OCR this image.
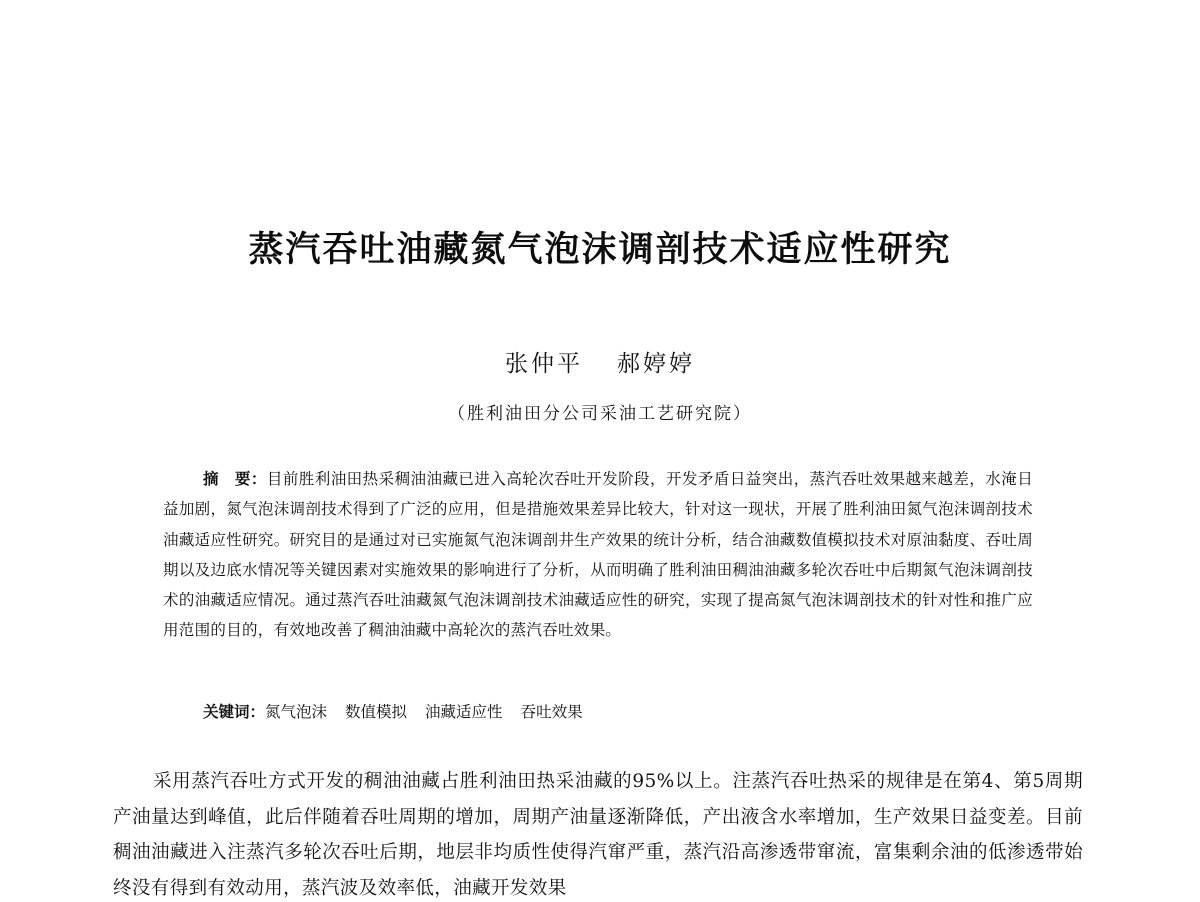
蒸汽吞吐油藏氮气泡沫调剖技术适应性研究
张仲平 郝婷婷
（胜利油田分公司采油工艺研究院）
摘　要：目前胜利油田热采稠油油藏已进入高轮次吞吐开发阶段，开发矛盾日益突出，蒸汽吞吐效果越来越差，水淹日益加剧，氮气泡沫调剖技术得到了广泛的应用，但是措施效果差异比较大，针对这一现状，开展了胜利油田氮气泡沫调剖技术油藏适应性研究。研究目的是通过对已实施氮气泡沫调剖井生产效果的统计分析，结合油藏数值模拟技术对原油黏度、吞吐周期以及边底水情况等关键因素对实施效果的影响进行了分析，从而明确了胜利油田稠油油藏多轮次吞吐中后期氮气泡沫调剖技术的油藏适应情况。通过蒸汽吞吐油藏氮气泡沫调剖技术油藏适应性的研究，实现了提高氮气泡沫调剖技术的针对性和推广应用范围的目的，有效地改善了稠油油藏中高轮次的蒸汽吞吐效果。
关键词：氮气泡沫 数值模拟 油藏适应性 吞吐效果
采用蒸汽吞吐方式开发的稠油油藏占胜利油田热采油藏的95%以上。注蒸汽吞吐热采的规律是在第4、第5周期产油量达到峰值，此后伴随着吞吐周期的增加，周期产油量逐渐降低，产出液含水率增加，生产效果日益变差。目前稠油油藏进入注蒸汽多轮次吞吐后期，地层非均质性使得汽窜严重，蒸汽沿高渗透带窜流，富集剩余油的低渗透带始终没有得到有效动用，蒸汽波及效率低，油藏开发效果
